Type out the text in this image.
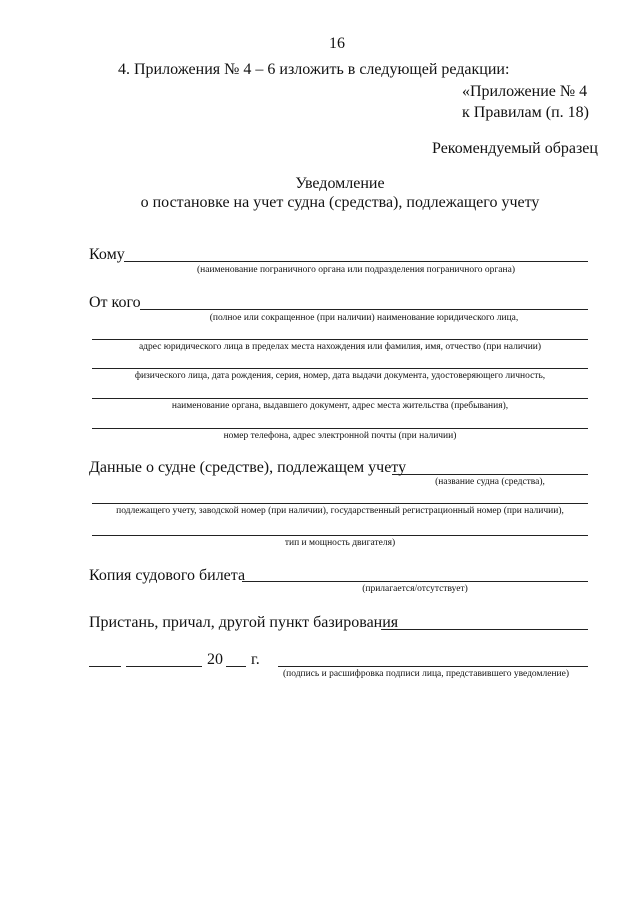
16
4. Приложения № 4 – 6 изложить в следующей редакции:
«Приложение № 4
к Правилам (п. 18)
Рекомендуемый образец
Уведомление
о постановке на учет судна (средства), подлежащего учету
Кому
(наименование пограничного органа или подразделения пограничного органа)
От кого
(полное или сокращенное (при наличии) наименование юридического лица,
адрес юридического лица в пределах места нахождения или фамилия, имя, отчество (при наличии)
физического лица, дата рождения, серия, номер, дата выдачи документа, удостоверяющего личность,
наименование органа, выдавшего документ, адрес места жительства (пребывания),
номер телефона, адрес электронной почты (при наличии)
Данные о судне (средстве), подлежащем учету
(название судна (средства),
подлежащего учету, заводской номер (при наличии), государственный регистрационный номер (при наличии),
тип и мощность двигателя)
Копия судового билета
(прилагается/отсутствует)
Пристань, причал, другой пункт базирования
20 г.
(подпись и расшифровка подписи лица, представившего уведомление)
